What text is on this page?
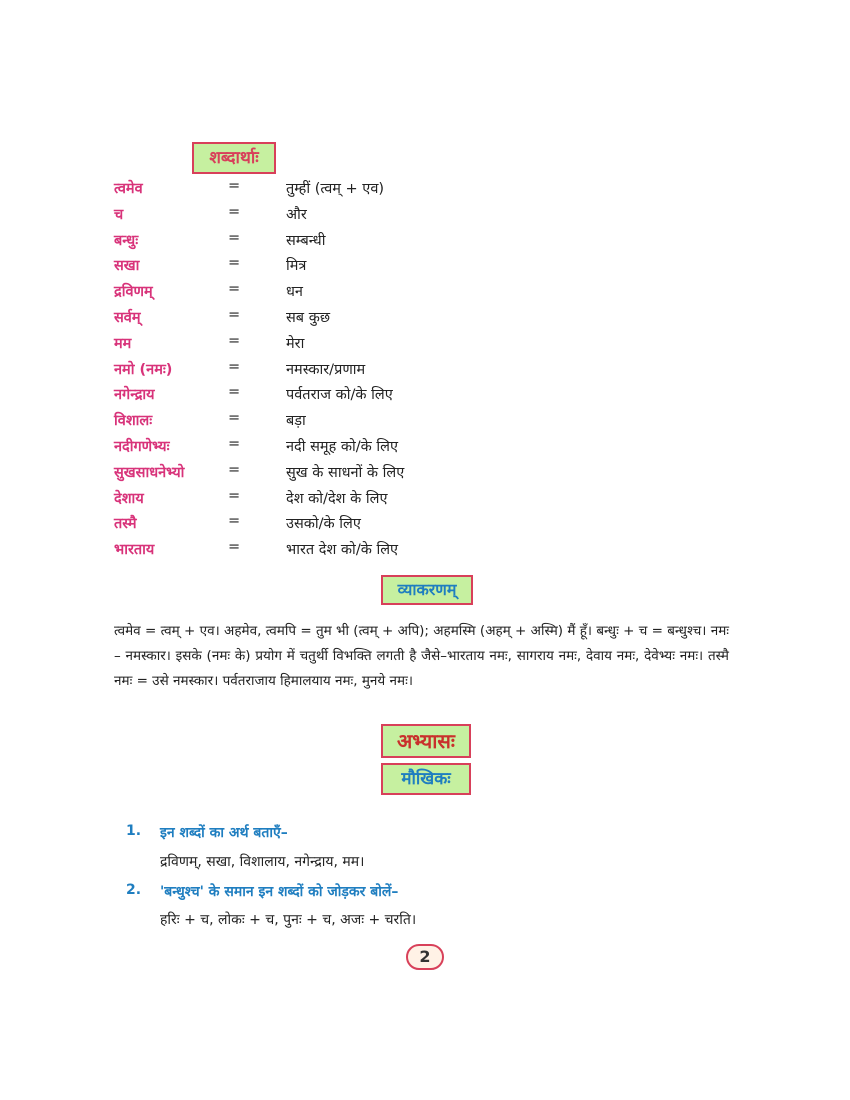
शब्दार्थाः
त्वमेव	=	तुम्हीं (त्वम् + एव)
च	=	और
बन्धुः	=	सम्बन्धी
सखा	=	मित्र
द्रविणम्	=	धन
सर्वम्	=	सब कुछ
मम	=	मेरा
नमो (नमः)	=	नमस्कार/प्रणाम
नगेन्द्राय	=	पर्वतराज को/के लिए
विशालः	=	बड़ा
नदीगणेभ्यः	=	नदी समूह को/के लिए
सुखसाधनेभ्यो	=	सुख के साधनों के लिए
देशाय	=	देश को/देश के लिए
तस्मै	=	उसको/के लिए
भारताय	=	भारत देश को/के लिए
व्याकरणम्

त्वमेव = त्वम् + एव। अहमेव, त्वमपि = तुम भी (त्वम् + अपि); अहमस्मि (अहम् + अस्मि) मैं हूँ। बन्धुः + च = बन्धुश्च। नमः – नमस्कार। इसके (नमः के) प्रयोग में चतुर्थी विभक्ति लगती है जैसे–भारताय नमः, सागराय नमः, देवाय नमः, देवेभ्यः नमः। तस्मै नमः = उसे नमस्कार। पर्वतराजाय हिमालयाय नमः, मुनये नमः।

अभ्यासः
मौखिकः
1. इन शब्दों का अर्थ बताएँ–
द्रविणम्, सखा, विशालाय, नगेन्द्राय, मम।
2. 'बन्धुश्च' के समान इन शब्दों को जोड़कर बोलें–
हरिः + च, लोकः + च, पुनः + च, अजः + चरति।
2
